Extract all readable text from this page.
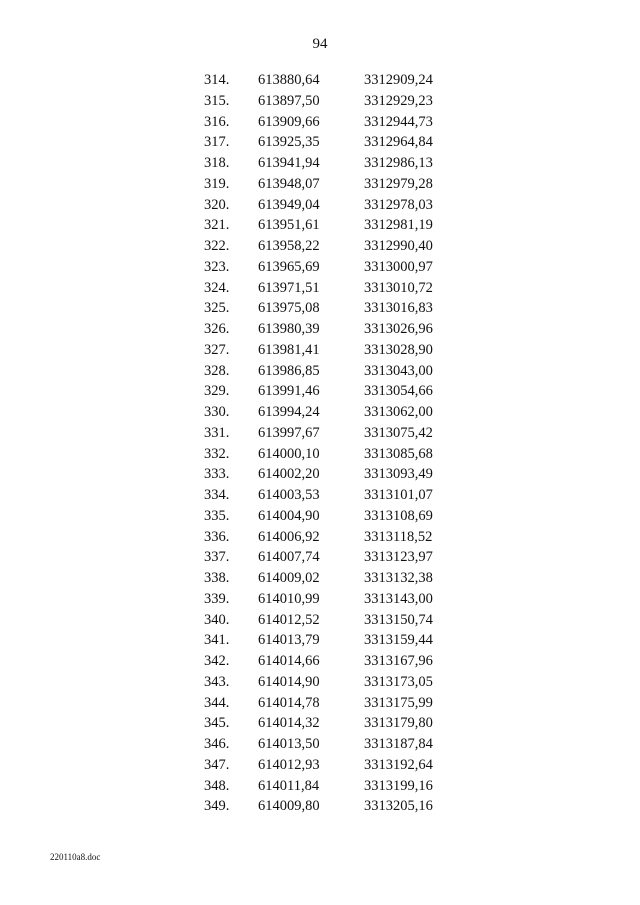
94
314. 613880,64	3312909,24
315. 613897,50	3312929,23
316. 613909,66	3312944,73
317. 613925,35	3312964,84
318. 613941,94	3312986,13
319. 613948,07	3312979,28
320. 613949,04	3312978,03
321. 613951,61	3312981,19
322. 613958,22	3312990,40
323. 613965,69	3313000,97
324. 613971,51	3313010,72
325. 613975,08	3313016,83
326. 613980,39	3313026,96
327. 613981,41	3313028,90
328. 613986,85	3313043,00
329. 613991,46	3313054,66
330. 613994,24	3313062,00
331. 613997,67	3313075,42
332. 614000,10	3313085,68
333. 614002,20	3313093,49
334. 614003,53	3313101,07
335. 614004,90	3313108,69
336. 614006,92	3313118,52
337. 614007,74	3313123,97
338. 614009,02	3313132,38
339. 614010,99	3313143,00
340. 614012,52	3313150,74
341. 614013,79	3313159,44
342. 614014,66	3313167,96
343. 614014,90	3313173,05
344. 614014,78	3313175,99
345. 614014,32	3313179,80
346. 614013,50	3313187,84
347. 614012,93	3313192,64
348. 614011,84	3313199,16
349. 614009,80	3313205,16
220110a8.doc
